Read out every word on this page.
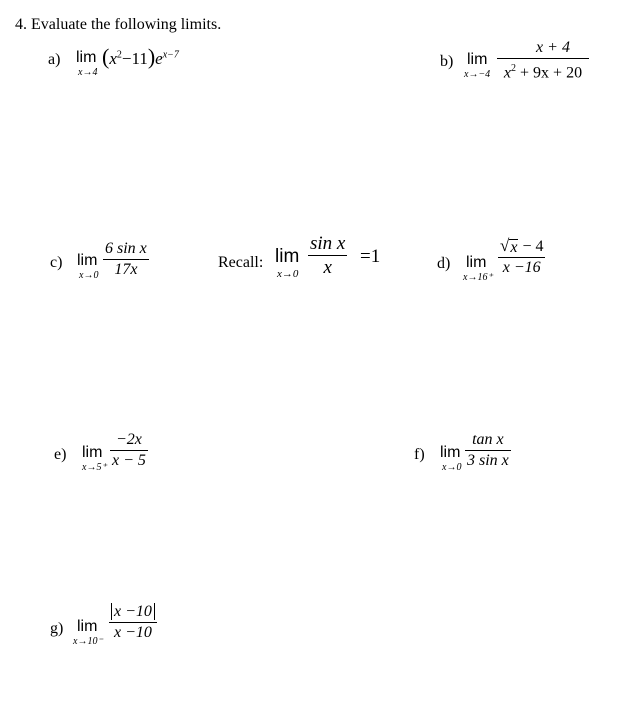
4. Evaluate the following limits.
a) lim
x→4
$(x^2-11)e^{x-7}$	b) lim
$x\to-4 \frac{x + 4}{x^2 + 9x + 20}$
c) lim
$x\to 0 \frac{\text{6 sin x}}{17x}$	Recall: lim
$x\to 0 \frac{\text{sin x}}{x} =1$	d) lim
$x\to 16^+ \frac{√ x - 4}{x -16}$
e) lim
$x\to 5^+ \frac{-2x}{x - 5}$	f) lim
$x\to 0 \frac{\text{tan x}}{\text{3 sin x}}$
g) lim
$x\to 10^- \frac{x -10}{x -10}$
